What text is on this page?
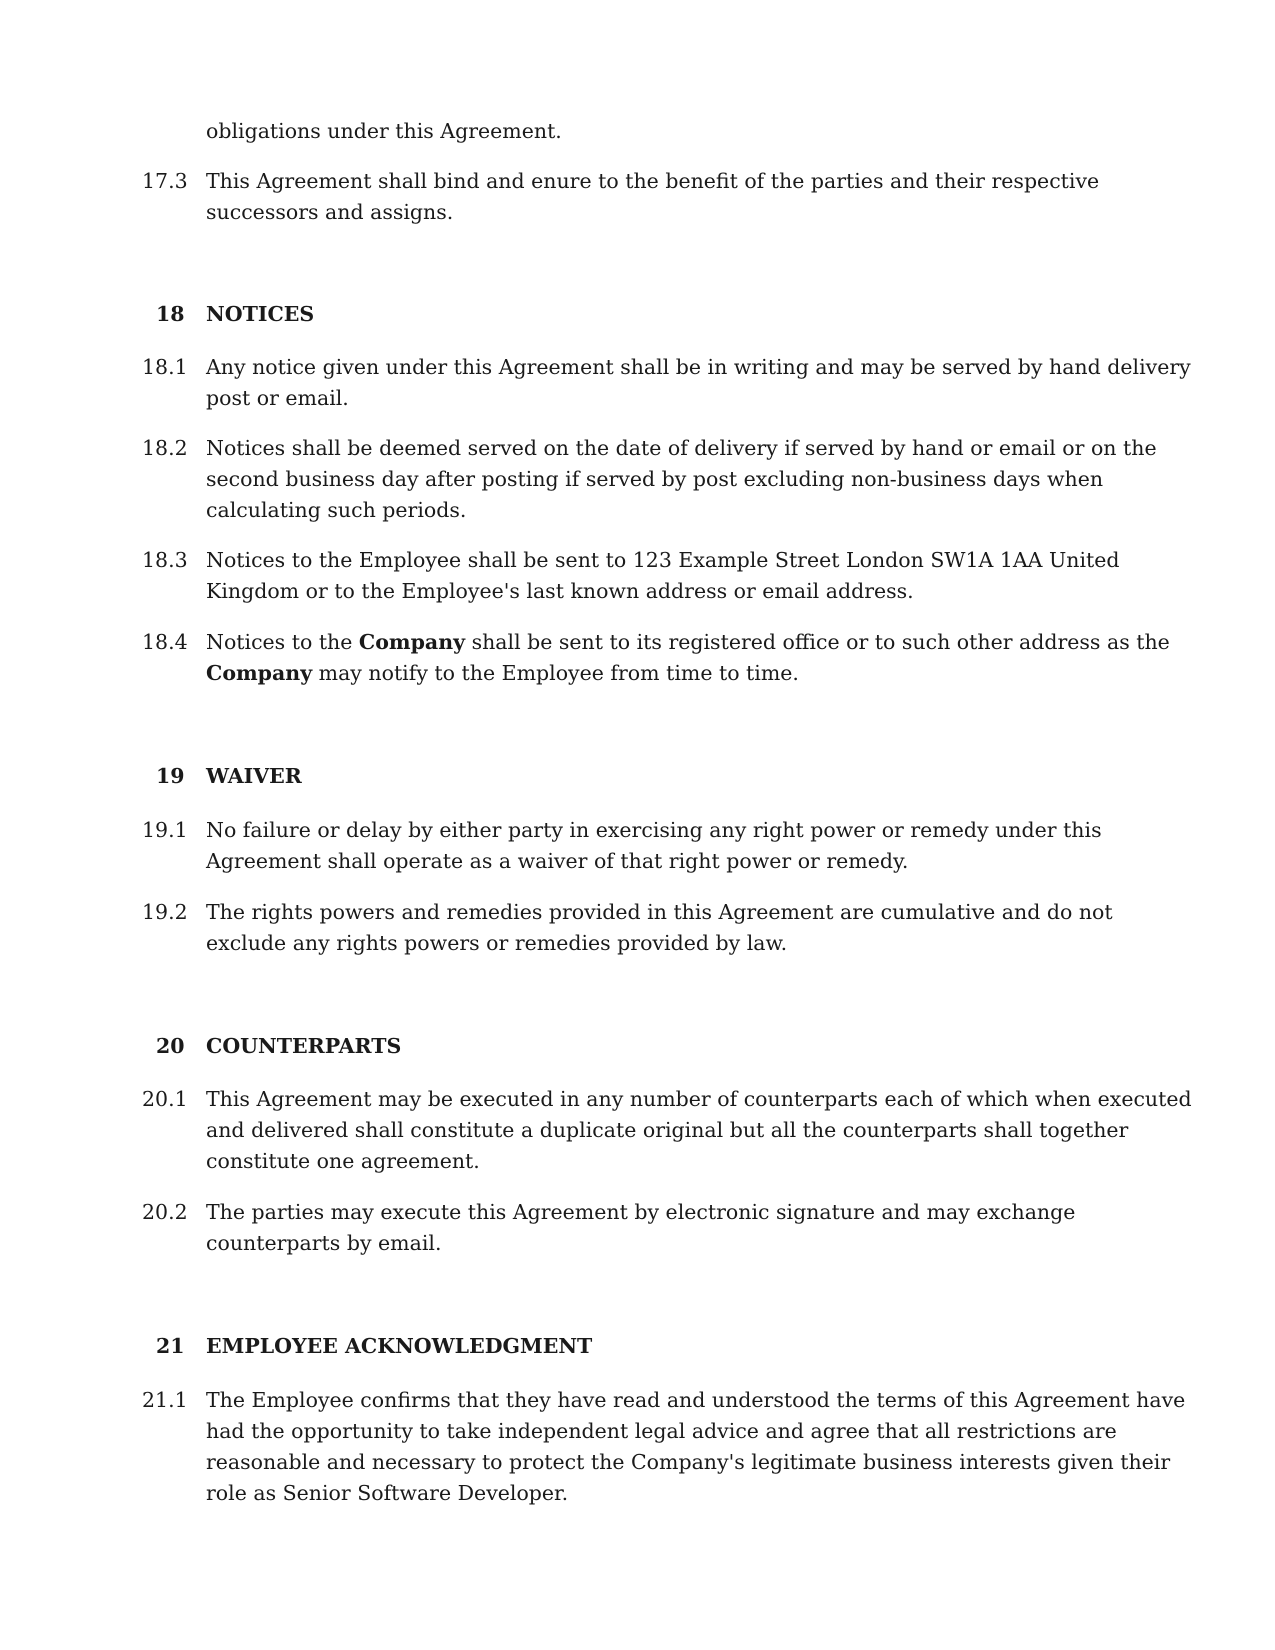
obligations under this Agreement.
17.3 This Agreement shall bind and enure to the benefit of the parties and their respective
successors and assigns.
18 NOTICES
18.1 Any notice given under this Agreement shall be in writing and may be served by hand delivery
post or email.
18.2 Notices shall be deemed served on the date of delivery if served by hand or email or on the
second business day after posting if served by post excluding non-business days when
calculating such periods.
18.3 Notices to the Employee shall be sent to 123 Example Street London SW1A 1AA United
Kingdom or to the Employee's last known address or email address.
18.4 Notices to the Company shall be sent to its registered office or to such other address as the
Company may notify to the Employee from time to time.
19 WAIVER
19.1 No failure or delay by either party in exercising any right power or remedy under this
Agreement shall operate as a waiver of that right power or remedy.
19.2 The rights powers and remedies provided in this Agreement are cumulative and do not
exclude any rights powers or remedies provided by law.
20 COUNTERPARTS
20.1 This Agreement may be executed in any number of counterparts each of which when executed
and delivered shall constitute a duplicate original but all the counterparts shall together
constitute one agreement.
20.2 The parties may execute this Agreement by electronic signature and may exchange
counterparts by email.
21 EMPLOYEE ACKNOWLEDGMENT
21.1 The Employee confirms that they have read and understood the terms of this Agreement have
had the opportunity to take independent legal advice and agree that all restrictions are
reasonable and necessary to protect the Company's legitimate business interests given their
role as Senior Software Developer.
